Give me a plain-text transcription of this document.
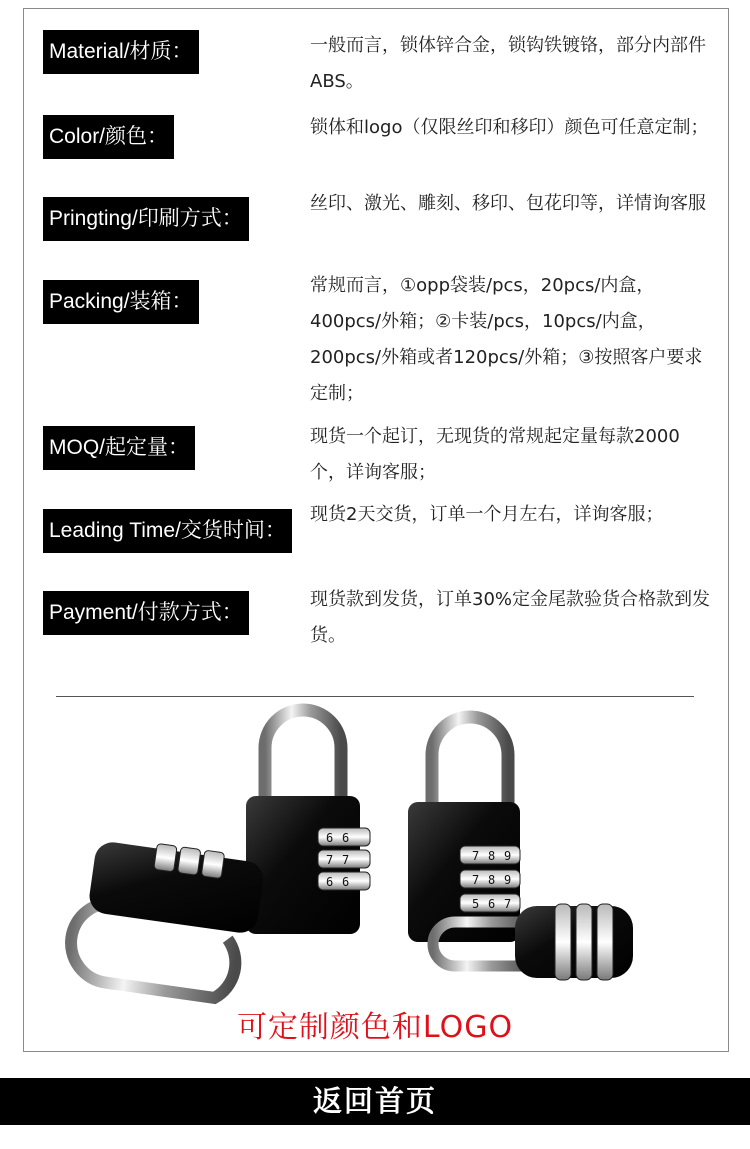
Material/材质：	一般而言，锁体锌合金，锁钩铁镀铬，部分内部件ABS。
Color/颜色：	锁体和logo（仅限丝印和移印）颜色可任意定制；
Pringting/印刷方式：
丝印、激光、雕刻、移印、包花印等，详情询客服
Packing/装箱：
常规而言，①opp袋装/pcs，20pcs/内盒，400pcs/外箱；②卡装/pcs，10pcs/内盒，200pcs/外箱或者120pcs/外箱；③按照客户要求定制；
MOQ/起定量：	现货一个起订，无现货的常规起定量每款2000个，详询客服；
Leading Time/交货时间：
现货2天交货，订单一个月左右，详询客服；
Payment/付款方式：
现货款到发货，订单30%定金尾款验货合格款到发货。
6 6
7 7
6 6
7 8 9
7 8 9
5 6 7
可定制颜色和LOGO
返回首页
